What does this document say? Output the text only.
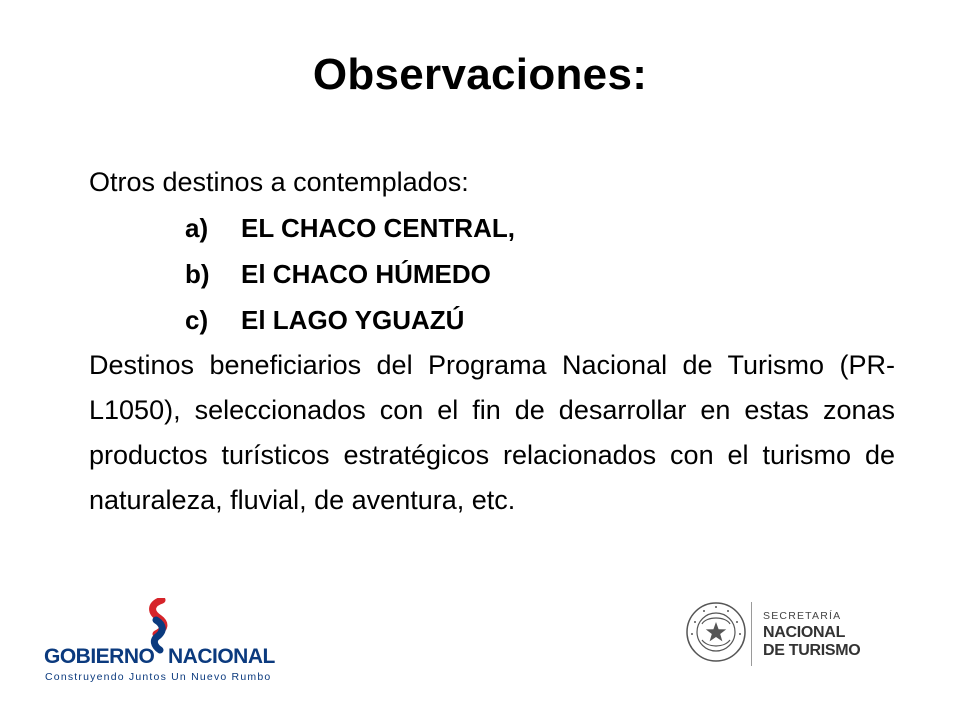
Observaciones:

Otros destinos a contemplados:

a)	EL CHACO CENTRAL,
b)	El CHACO HÚMEDO
c)	El LAGO YGUAZÚ

Destinos beneficiarios del Programa Nacional de Turismo (PR- L1050), seleccionados con el fin de desarrollar en estas zonas productos turísticos estratégicos relacionados con el turismo de naturaleza, fluvial, de aventura, etc.

GOBIERNO NACIONAL
Construyendo Juntos Un Nuevo Rumbo
SECRETARÍA
NACIONAL
DE TURISMO
